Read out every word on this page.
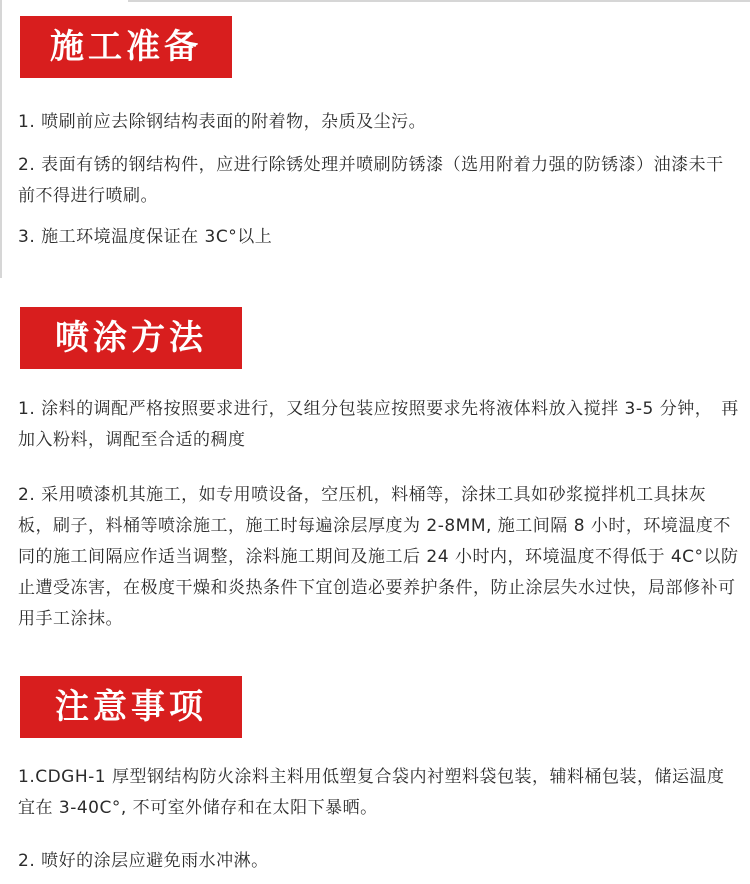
施工准备
1. 喷刷前应去除钢结构表面的附着物，杂质及尘污。
2. 表面有锈的钢结构件，应进行除锈处理并喷刷防锈漆（选用附着力强的防锈漆）油漆未干前不得进行喷刷。
3. 施工环境温度保证在 3C°以上
喷涂方法
1. 涂料的调配严格按照要求进行，又组分包装应按照要求先将液体料放入搅拌 3-5 分钟，　再加入粉料，调配至合适的稠度
2. 采用喷漆机其施工，如专用喷设备，空压机，料桶等，涂抹工具如砂浆搅拌机工具抹灰板，刷子，料桶等喷涂施工，施工时每遍涂层厚度为 2-8MM, 施工间隔 8 小时，环境温度不同的施工间隔应作适当调整，涂料施工期间及施工后 24 小时内，环境温度不得低于 4C°以防止遭受冻害，在极度干燥和炎热条件下宜创造必要养护条件，防止涂层失水过快，局部修补可用手工涂抹。
注意事项
1.CDGH-1 厚型钢结构防火涂料主料用低塑复合袋内衬塑料袋包装，辅料桶包装，储运温度宜在 3-40C°, 不可室外储存和在太阳下暴晒。
2. 喷好的涂层应避免雨水冲淋。
